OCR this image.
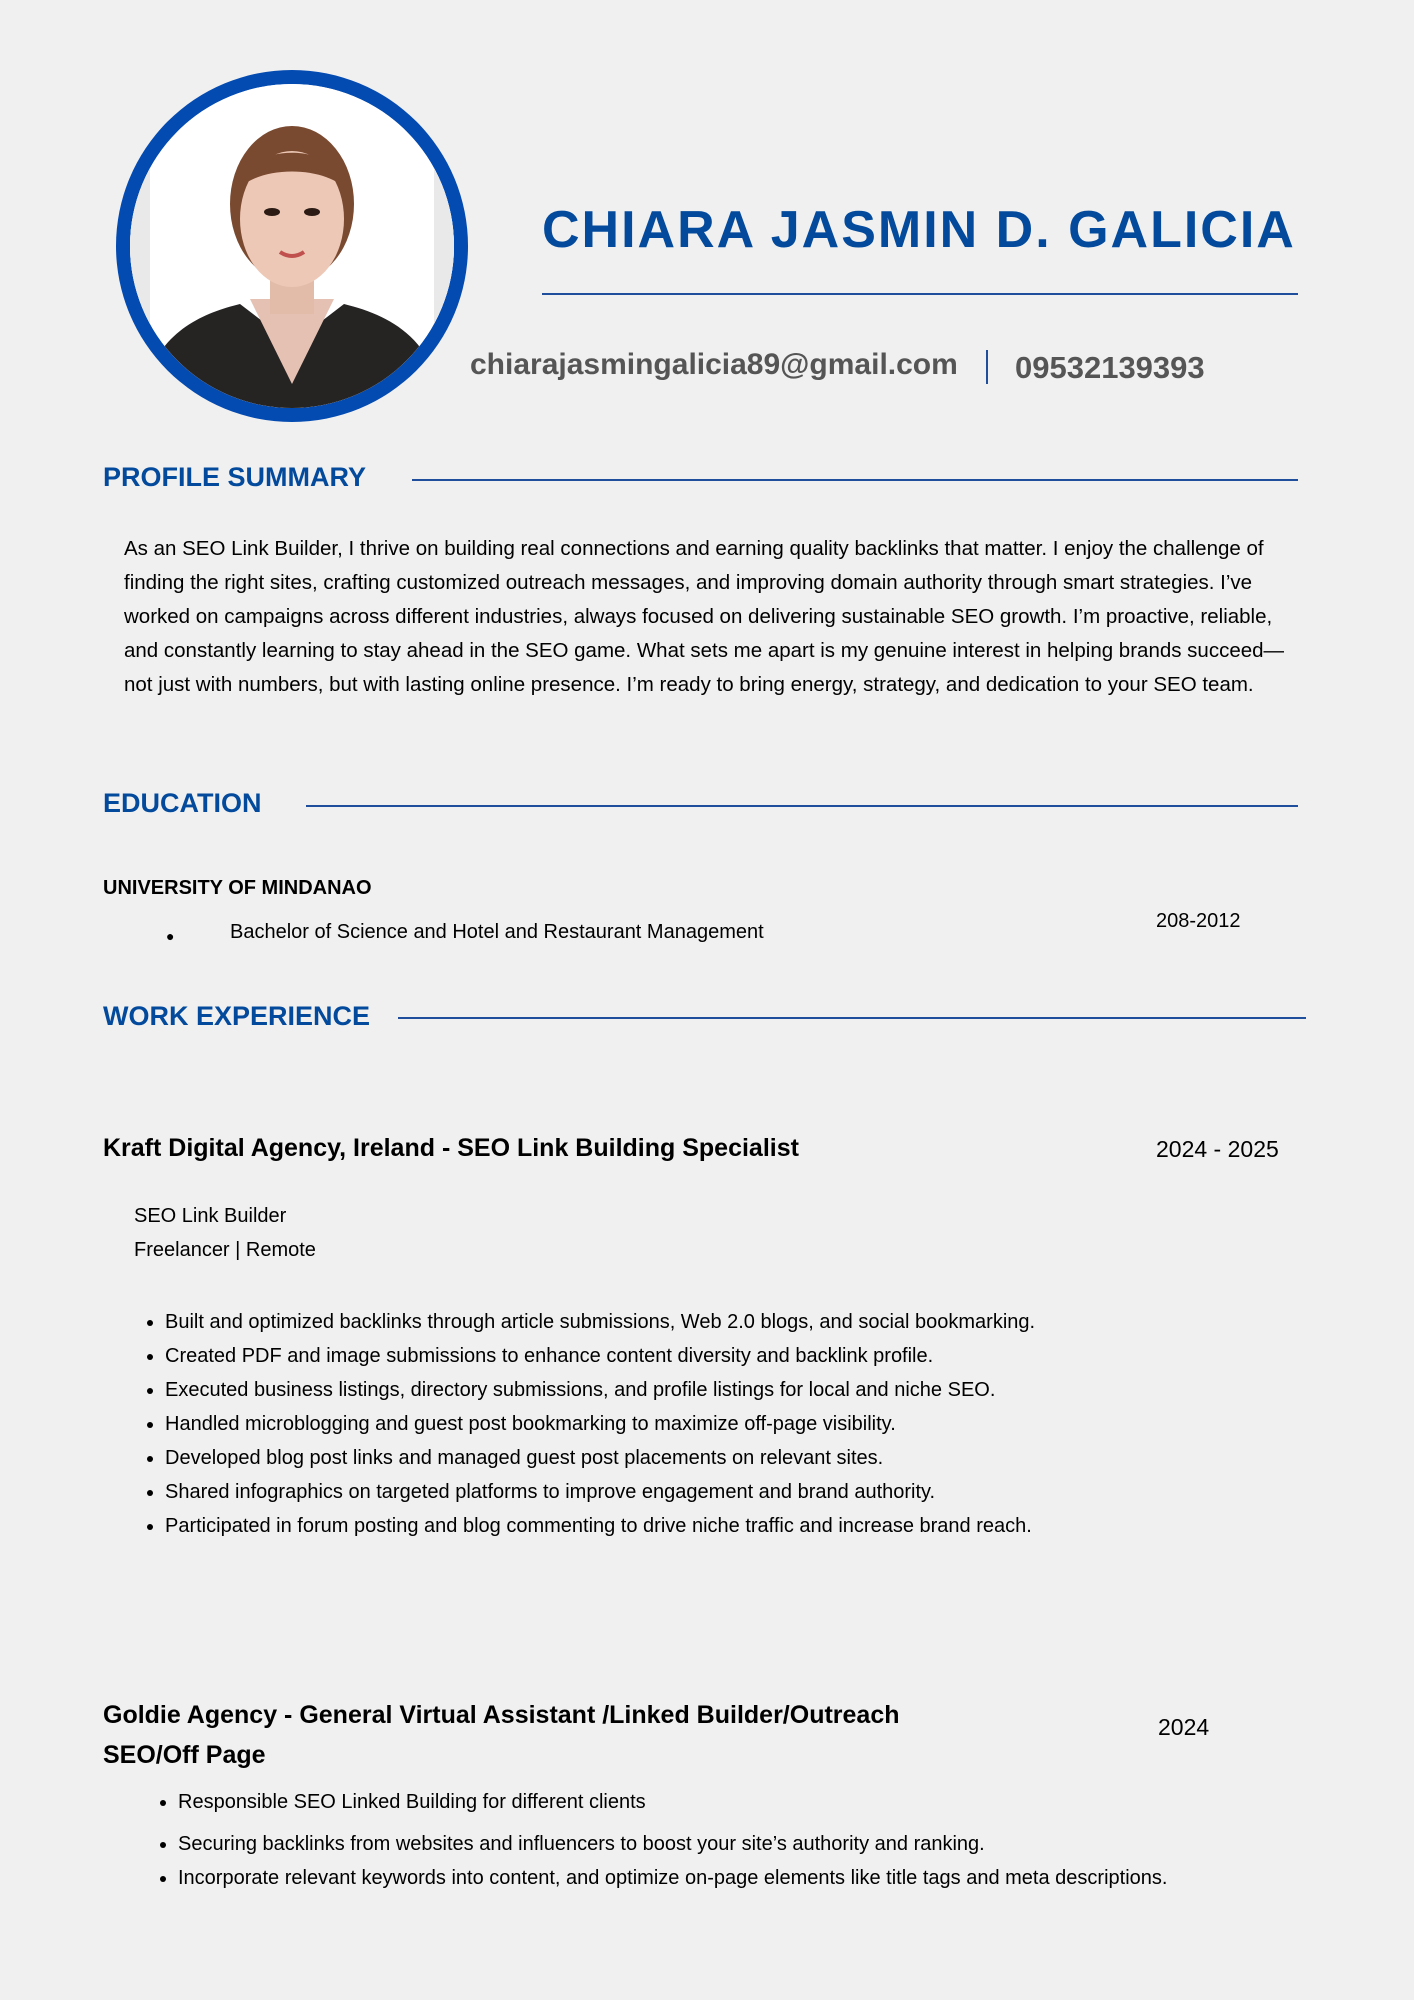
CHIARA JASMIN D. GALICIA
chiarajasmingalicia89@gmail.com 09532139393
PROFILE SUMMARY
As an SEO Link Builder, I thrive on building real connections and earning quality backlinks that matter. I enjoy the challenge of finding the right sites, crafting customized outreach messages, and improving domain authority through smart strategies. I’ve worked on campaigns across different industries, always focused on delivering sustainable SEO growth. I’m proactive, reliable, and constantly learning to stay ahead in the SEO game. What sets me apart is my genuine interest in helping brands succeed—not just with numbers, but with lasting online presence. I’m ready to bring energy, strategy, and dedication to your SEO team.
EDUCATION
UNIVERSITY OF MINDANAO
●	Bachelor of Science and Hotel and Restaurant Management	208-2012
WORK EXPERIENCE
Kraft Digital Agency, Ireland - SEO Link Building Specialist	2024 - 2025
SEO Link Builder
Freelancer | Remote
• Built and optimized backlinks through article submissions, Web 2.0 blogs, and social bookmarking.
• Created PDF and image submissions to enhance content diversity and backlink profile.
• Executed business listings, directory submissions, and profile listings for local and niche SEO.
• Handled microblogging and guest post bookmarking to maximize off-page visibility.
• Developed blog post links and managed guest post placements on relevant sites.
• Shared infographics on targeted platforms to improve engagement and brand authority.
• Participated in forum posting and blog commenting to drive niche traffic and increase brand reach.
Goldie Agency - General Virtual Assistant /Linked Builder/Outreach
SEO/Off Page
2024
• Responsible SEO Linked Building for different clients
• Securing backlinks from websites and influencers to boost your site’s authority and ranking.
• Incorporate relevant keywords into content, and optimize on-page elements like title tags and meta descriptions.
